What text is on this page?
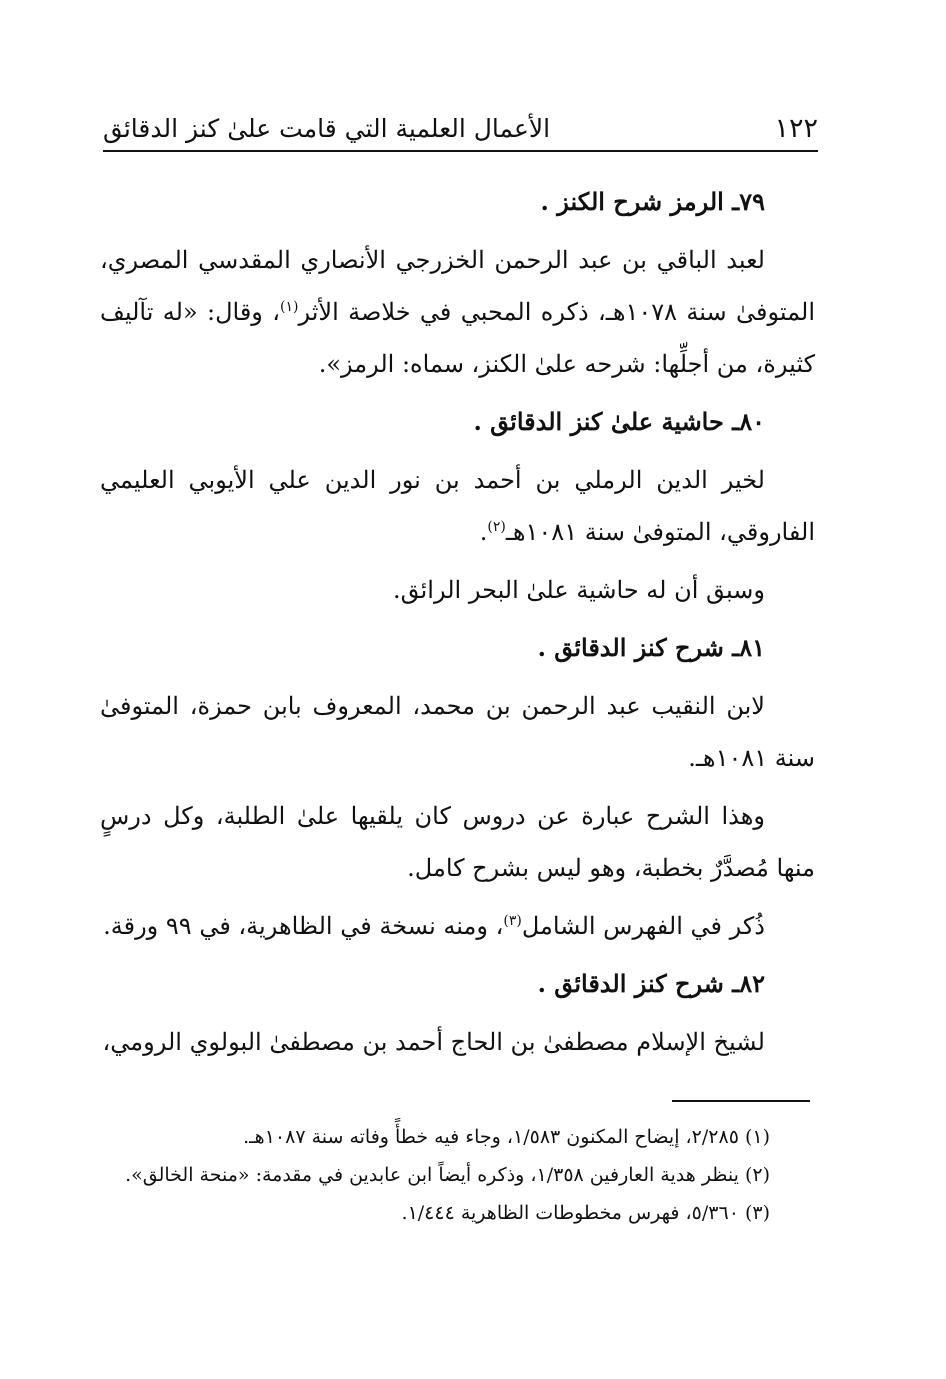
١٢٢
الأعمال العلمية التي قامت علىٰ كنز الدقائق

٧٩ـ الرمز شرح الكنز .

لعبد الباقي بن عبد الرحمن الخزرجي الأنصاري المقدسي المصري، المتوفىٰ سنة ١٠٧٨هـ، ذكره المحبي في خلاصة الأثر$^{(١)}$، وقال: «له تآليف كثيرة، من أجلِّها: شرحه علىٰ الكنز، سماه: الرمز».

٨٠ـ حاشية علىٰ كنز الدقائق .

لخير الدين الرملي بن أحمد بن نور الدين علي الأيوبي العليمي الفاروقي، المتوفىٰ سنة ١٠٨١هـ$^{(٢)}$.

وسبق أن له حاشية علىٰ البحر الرائق.

٨١ـ شرح كنز الدقائق .

لابن النقيب عبد الرحمن بن محمد، المعروف بابن حمزة، المتوفىٰ سنة ١٠٨١هـ.

وهذا الشرح عبارة عن دروس كان يلقيها علىٰ الطلبة، وكل درسٍ منها مُصدَّرٌ بخطبة، وهو ليس بشرح كامل.

ذُكر في الفهرس الشامل$^{(٣)}$، ومنه نسخة في الظاهرية، في ٩٩ ورقة.

٨٢ـ شرح كنز الدقائق .

لشيخ الإسلام مصطفىٰ بن الحاج أحمد بن مصطفىٰ البولوي الرومي،

(١) ٢/٢٨٥، إيضاح المكنون ١/٥٨٣، وجاء فيه خطأً وفاته سنة ١٠٨٧هـ.

(٢) ينظر هدية العارفين ١/٣٥٨، وذكره أيضاً ابن عابدين في مقدمة: «منحة الخالق».

(٣) ٥/٣٦٠، فهرس مخطوطات الظاهرية ١/٤٤٤.
